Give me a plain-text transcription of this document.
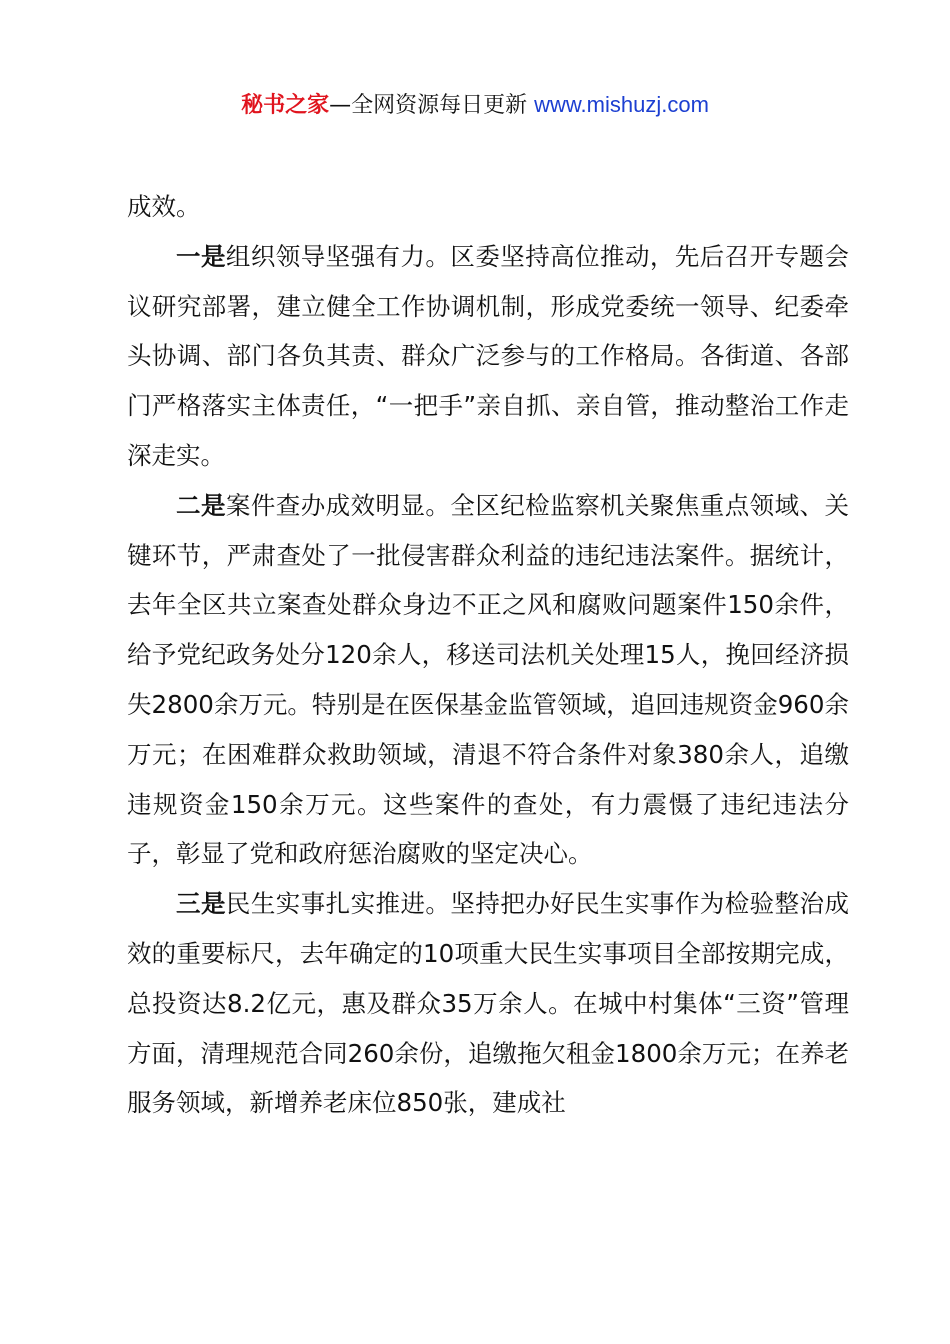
秘书之家—全网资源每日更新 www.mishuzj.com

成效。

一是组织领导坚强有力。区委坚持高位推动，先后召开专题会议研究部署，建立健全工作协调机制，形成党委统一领导、纪委牵头协调、部门各负其责、群众广泛参与的工作格局。各街道、各部门严格落实主体责任，“一把手”亲自抓、亲自管，推动整治工作走深走实。

二是案件查办成效明显。全区纪检监察机关聚焦重点领域、关键环节，严肃查处了一批侵害群众利益的违纪违法案件。据统计，去年全区共立案查处群众身边不正之风和腐败问题案件150余件，给予党纪政务处分120余人，移送司法机关处理15人，挽回经济损失2800余万元。特别是在医保基金监管领域，追回违规资金960余万元；在困难群众救助领域，清退不符合条件对象380余人，追缴违规资金150余万元。这些案件的查处，有力震慑了违纪违法分子，彰显了党和政府惩治腐败的坚定决心。

三是民生实事扎实推进。坚持把办好民生实事作为检验整治成效的重要标尺，去年确定的10项重大民生实事项目全部按期完成，总投资达8.2亿元，惠及群众35万余人。在城中村集体“三资”管理方面，清理规范合同260余份，追缴拖欠租金1800余万元；在养老服务领域，新增养老床位850张，建成社
